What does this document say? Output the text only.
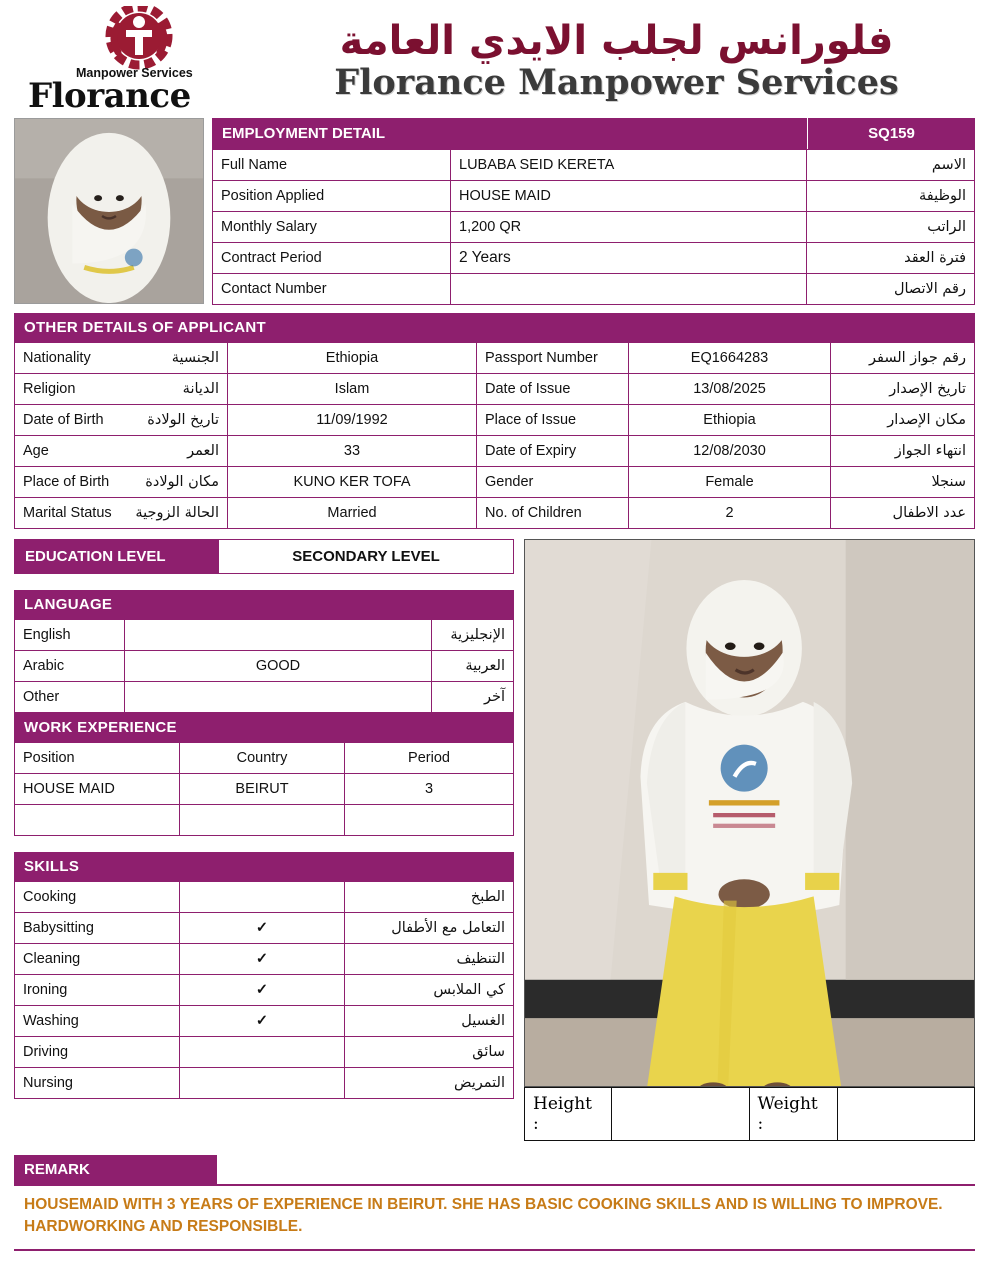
Manpower Services
Florance
فلورانس لجلب الايدي العامة
Florance Manpower Services
EMPLOYMENT DETAIL	SQ159
Full Name	LUBABA SEID KERETA	الاسم
Position Applied	HOUSE MAID	الوظيفة
Monthly Salary	1,200 QR	الراتب
Contract Period	2 Years	فترة العقد
Contact Number		رقم الاتصال
OTHER DETAILS OF APPLICANT
Nationality الجنسية	Ethiopia	Passport Number	EQ1664283	رقم جواز السفر
Religion الديانة	Islam	Date of Issue	13/08/2025	تاريخ الإصدار
Date of Birth تاريخ الولادة	11/09/1992	Place of Issue	Ethiopia	مكان الإصدار
Age العمر	33	Date of Expiry	12/08/2030	انتهاء الجواز
Place of Birth مكان الولادة	KUNO KER TOFA	Gender	Female	سنجلا
Marital Status الحالة الزوجية	Married	No. of Children	2	عدد الاطفال
EDUCATION LEVEL	SECONDARY LEVEL
LANGUAGE
English		الإنجليزية
Arabic	GOOD	العربية
Other		آخر
WORK EXPERIENCE
Position	Country	Period
HOUSE MAID	BEIRUT	3

SKILLS
Cooking		الطبخ
Babysitting	✓	التعامل مع الأطفال
Cleaning	✓	التنظيف
Ironing	✓	كي الملابس
Washing	✓	الغسيل
Driving		سائق
Nursing		التمريض
Height :
Weight :
REMARK
HOUSEMAID WITH 3 YEARS OF EXPERIENCE IN BEIRUT. SHE HAS BASIC COOKING SKILLS AND IS WILLING TO IMPROVE. HARDWORKING AND RESPONSIBLE.
